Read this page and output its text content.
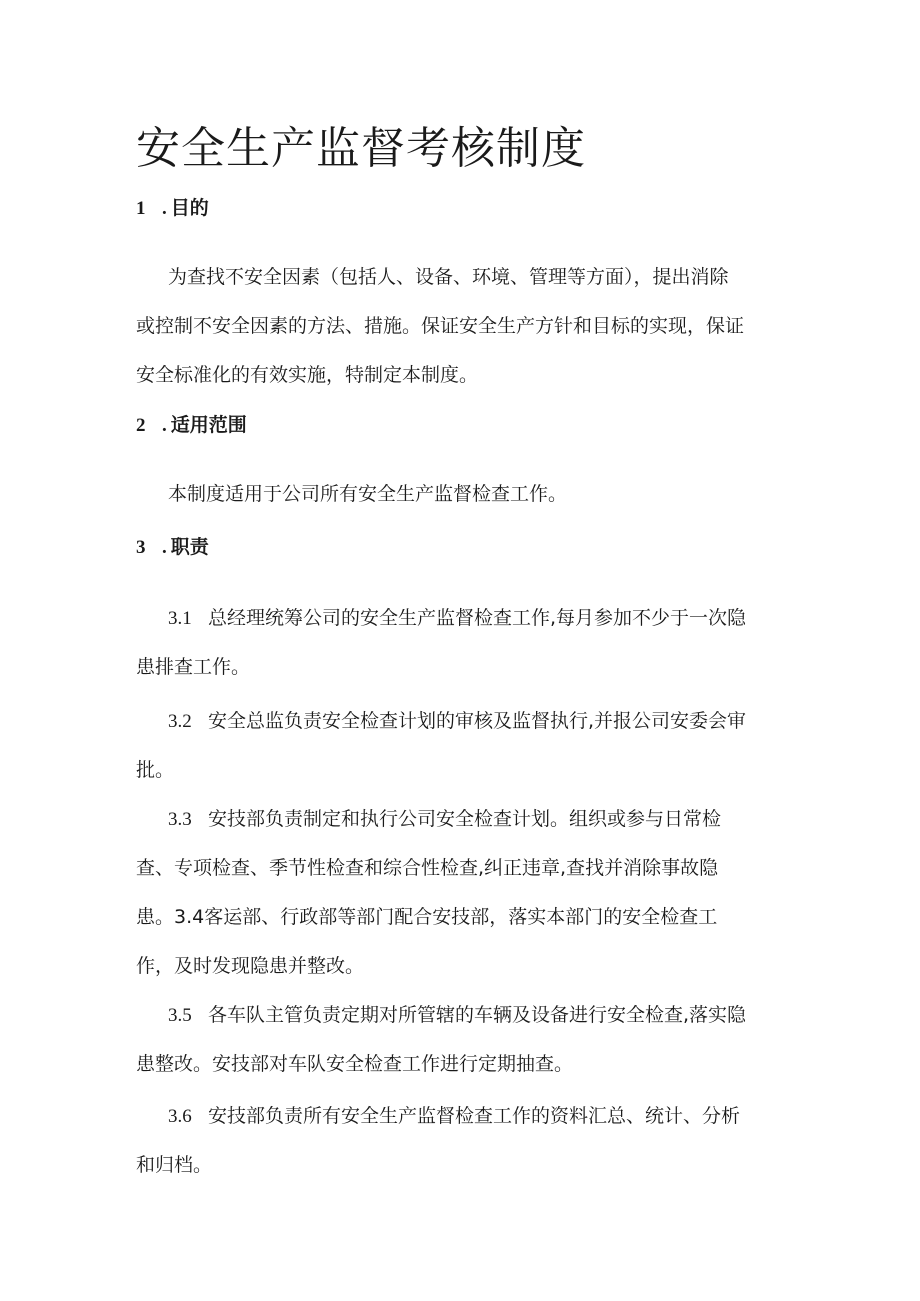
安全生产监督考核制度
1 . 目的

为查找不安全因素（包括人、设备、环境、管理等方面），提出消除

或控制不安全因素的方法、措施。保证安全生产方针和目标的实现，保证

安全标准化的有效实施，特制定本制度。

2 . 适用范围

本制度适用于公司所有安全生产监督检查工作。

3 . 职责

3.1 总经理统筹公司的安全生产监督检查工作,每月参加不少于一次隐

患排查工作。

3.2 安全总监负责安全检查计划的审核及监督执行,并报公司安委会审

批。

3.3 安技部负责制定和执行公司安全检查计划。组织或参与日常检

查、专项检查、季节性检查和综合性检查,纠正违章,查找并消除事故隐

患。3.4客运部、行政部等部门配合安技部，落实本部门的安全检查工

作，及时发现隐患并整改。

3.5 各车队主管负责定期对所管辖的车辆及设备进行安全检查,落实隐

患整改。安技部对车队安全检查工作进行定期抽查。

3.6 安技部负责所有安全生产监督检查工作的资料汇总、统计、分析

和归档。
